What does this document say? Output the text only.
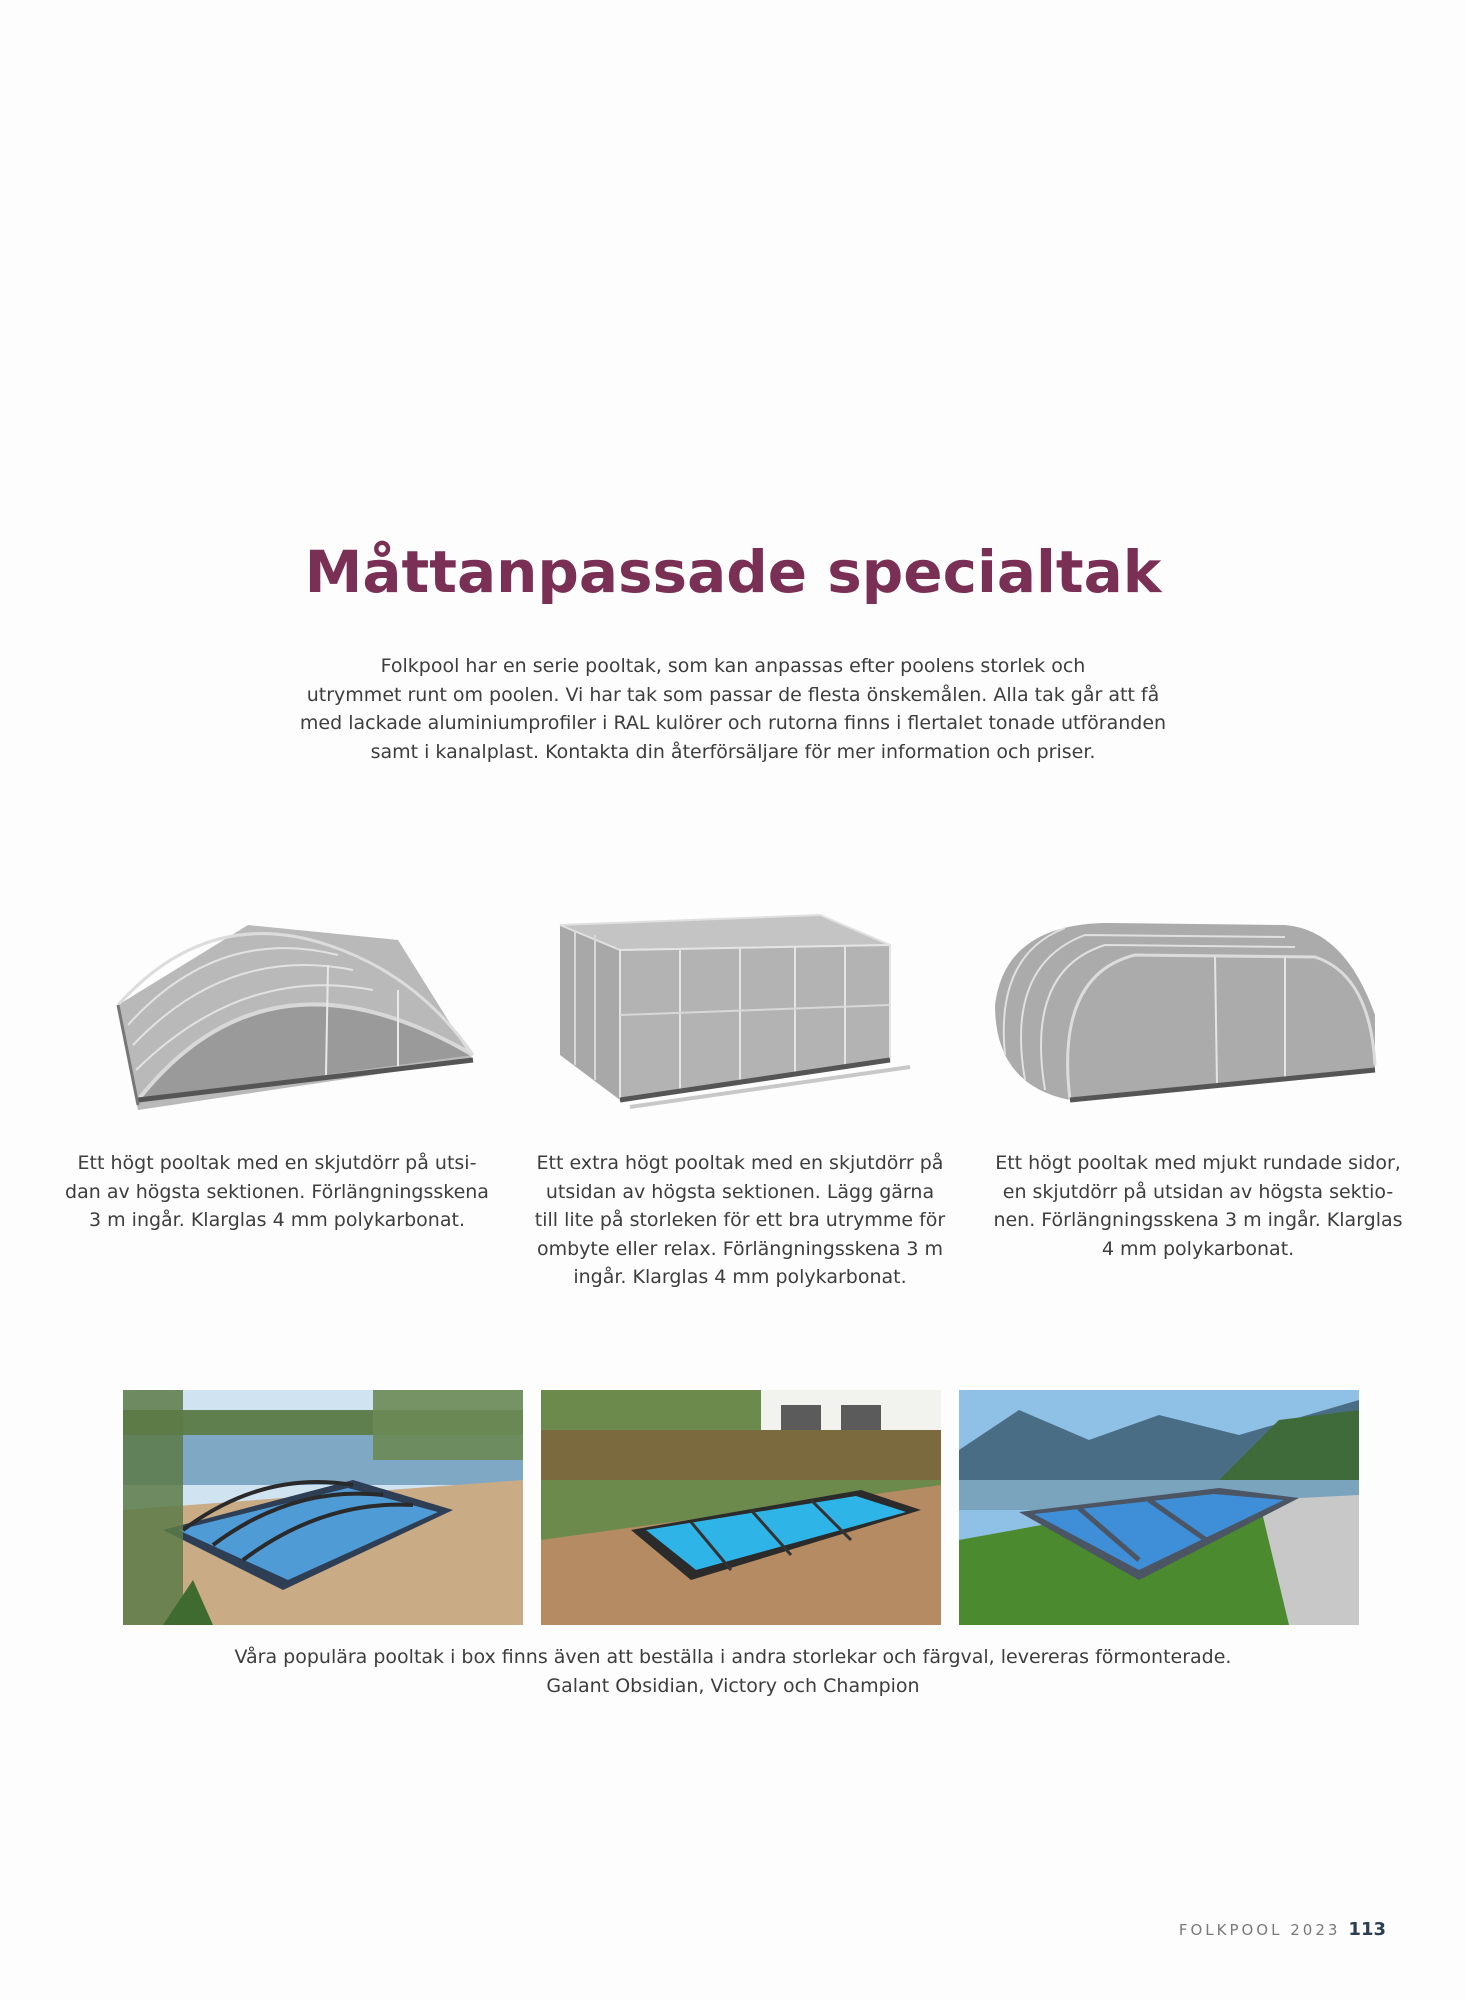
Måttanpassade specialtak
Folkpool har en serie pooltak, som kan anpassas efter poolens storlek och
utrymmet runt om poolen. Vi har tak som passar de flesta önskemålen. Alla tak går att få
med lackade aluminiumprofiler i RAL kulörer och rutorna finns i flertalet tonade utföranden
samt i kanalplast. Kontakta din återförsäljare för mer information och priser.
Ett högt pooltak med en skjutdörr på utsi-
dan av högsta sektionen. Förlängningsskena
3 m ingår. Klarglas 4 mm polykarbonat.
Ett extra högt pooltak med en skjutdörr på
utsidan av högsta sektionen. Lägg gärna
till lite på storleken för ett bra utrymme för
ombyte eller relax. Förlängningsskena 3 m
ingår. Klarglas 4 mm polykarbonat.
Ett högt pooltak med mjukt rundade sidor,
en skjutdörr på utsidan av högsta sektio-
nen. Förlängningsskena 3 m ingår. Klarglas
4 mm polykarbonat.
Våra populära pooltak i box finns även att beställa i andra storlekar och färgval, levereras förmonterade.
Galant Obsidian, Victory och Champion
FOLKPOOL 2023 113
